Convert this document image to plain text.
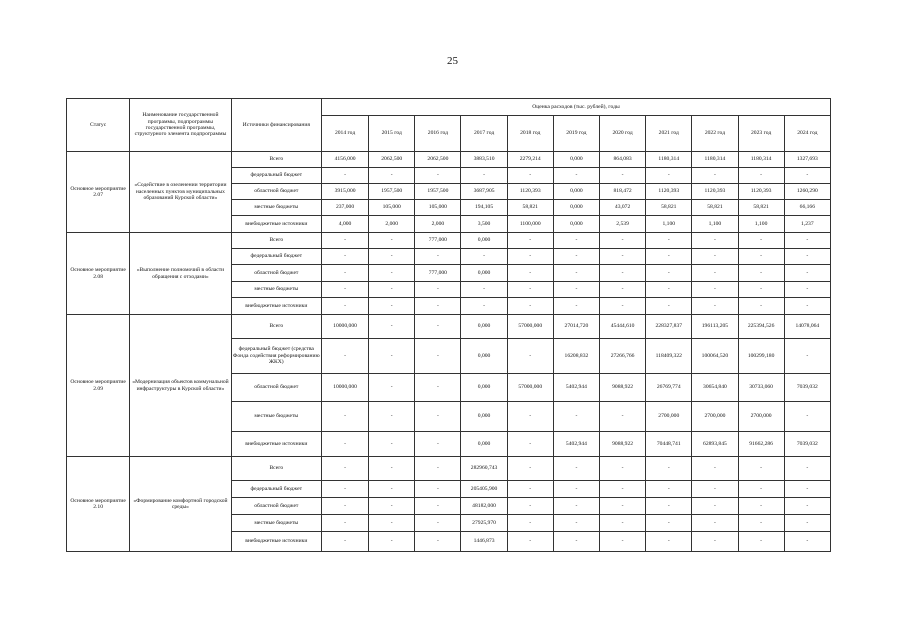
25
Статус	Наименование государственной программы, подпрограммы государственной программы, структурного элемента подпрограммы	Источники финансирования	Оценка расходов (тыс. рублей), годы										
			2014 год	2015 год	2016 год	2017 год	2018 год	2019 год	2020 год	2021 год	2022 год	2023 год	2024 год
Основное мероприятие 2.07	«Содействие в озеленении территории населенных пунктов муниципальных образований Курской области»	Всего	4156,000	2062,500	2062,500	3883,510	2279,214	0,000	864,083	1180,314	1180,314	1180,314	1327,693
		федеральный бюджет	-	-	-	-	-	-	-	-	-	-	-
		областной бюджет	3915,000	1957,500	1957,500	3687,905	1120,393	0,000	818,472	1120,393	1120,393	1120,393	1260,290
		местные бюджеты	237,000	105,000	105,000	194,105	58,821	0,000	43,072	58,821	58,821	58,821	66,166
		внебюджетные источники	4,000	2,000	2,000	3,500	1100,000	0,000	2,539	1,100	1,100	1,100	1,237
Основное мероприятие 2.08	«Выполнение полномочий в области обращения с отходами»	Всего	-	-	777,000	0,000	-	-	-	-	-	-	-
		федеральный бюджет	-	-	-	-	-	-	-	-	-	-	-
		областной бюджет	-	-	777,000	0,000	-	-	-	-	-	-	-
		местные бюджеты	-	-	-	-	-	-	-	-	-	-	-
		внебюджетные источники	-	-	-	-	-	-	-	-	-	-	-
Основное мероприятие 2.09	«Модернизация объектов коммунальной инфраструктуры в Курской области»	Всего	10000,000	-	-	0,000	57000,000	27014,720	45444,610	228327,837	196113,205	225394,526	14078,064
		федеральный бюджет (средства Фонда содействия реформированию ЖКХ)	-	-	-	0,000	-	16208,832	27266,766	118409,322	100064,520	100299,180	-
		областной бюджет	10000,000	-	-	0,000	57000,000	5402,944	9088,922	26769,774	30654,840	30733,060	7039,032
		местные бюджеты	-	-	-	0,000	-	-	-	2700,000	2700,000	2700,000	-
		внебюджетные источники	-	-	-	0,000	-	5402,944	9088,922	70448,741	62893,845	91662,286	7039,032
Основное мероприятие 2.10	«Формирование комфортной городской среды»	Всего	-	-	-	282960,743	-	-	-	-	-	-	-
		федеральный бюджет	-	-	-	205405,900	-	-	-	-	-	-	-
		областной бюджет	-	-	-	48182,000	-	-	-	-	-	-	-
		местные бюджеты	-	-	-	27925,970	-	-	-	-	-	-	-
		внебюджетные источники	-	-	-	1446,873	-	-	-	-	-	-	-
